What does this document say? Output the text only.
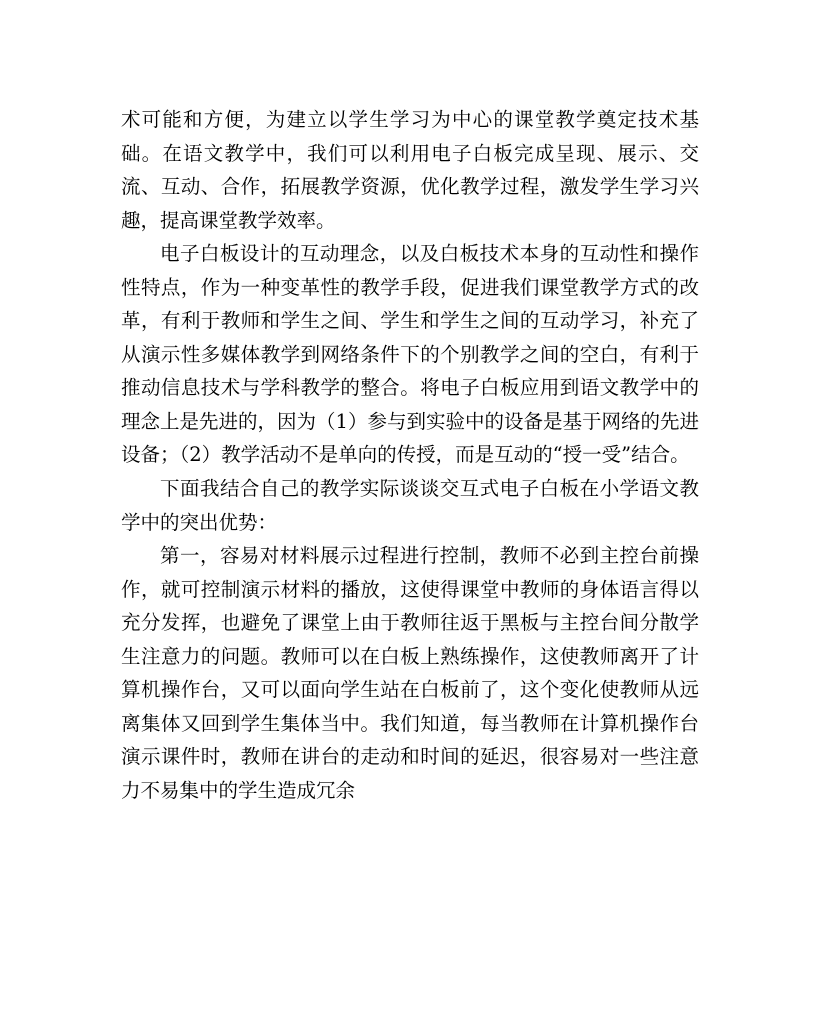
术可能和方便，为建立以学生学习为中心的课堂教学奠定技术基础。在语文教学中，我们可以利用电子白板完成呈现、展示、交流、互动、合作，拓展教学资源，优化教学过程，激发学生学习兴趣，提高课堂教学效率。

电子白板设计的互动理念，以及白板技术本身的互动性和操作性特点，作为一种变革性的教学手段，促进我们课堂教学方式的改革，有利于教师和学生之间、学生和学生之间的互动学习，补充了从演示性多媒体教学到网络条件下的个别教学之间的空白，有利于推动信息技术与学科教学的整合。将电子白板应用到语文教学中的理念上是先进的，因为（1）参与到实验中的设备是基于网络的先进设备；（2）教学活动不是单向的传授，而是互动的“授一受”结合。

下面我结合自己的教学实际谈谈交互式电子白板在小学语文教学中的突出优势：

第一，容易对材料展示过程进行控制，教师不必到主控台前操作，就可控制演示材料的播放，这使得课堂中教师的身体语言得以充分发挥，也避免了课堂上由于教师往返于黑板与主控台间分散学生注意力的问题。教师可以在白板上熟练操作，这使教师离开了计算机操作台，又可以面向学生站在白板前了，这个变化使教师从远离集体又回到学生集体当中。我们知道，每当教师在计算机操作台演示课件时，教师在讲台的走动和时间的延迟，很容易对一些注意力不易集中的学生造成冗余
